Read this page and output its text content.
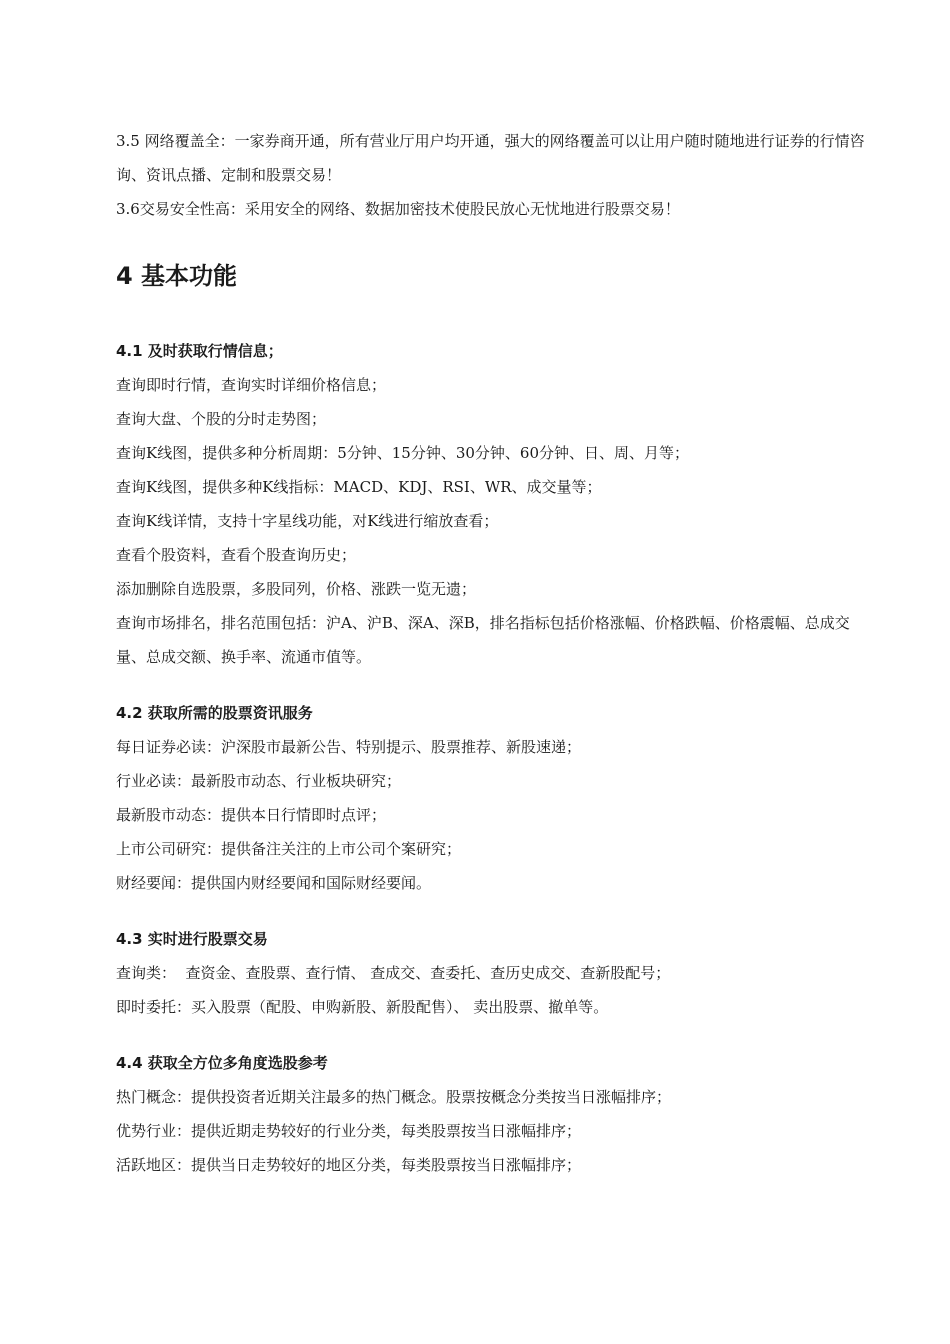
3.5 网络覆盖全：一家券商开通，所有营业厅用户均开通，强大的网络覆盖可以让用户随时随地进行证券的行情咨询、资讯点播、定制和股票交易！

3.6交易安全性高：采用安全的网络、数据加密技术使股民放心无忧地进行股票交易！

4 基本功能
4.1 及时获取行情信息；

查询即时行情，查询实时详细价格信息；

查询大盘、个股的分时走势图；

查询K线图，提供多种分析周期：5分钟、15分钟、30分钟、60分钟、日、周、月等；

查询K线图，提供多种K线指标：MACD、KDJ、RSI、WR、成交量等；

查询K线详情，支持十字星线功能，对K线进行缩放查看；

查看个股资料，查看个股查询历史；

添加删除自选股票，多股同列，价格、涨跌一览无遗；

查询市场排名，排名范围包括：沪A、沪B、深A、深B，排名指标包括价格涨幅、价格跌幅、价格震幅、总成交量、总成交额、换手率、流通市值等。

4.2 获取所需的股票资讯服务

每日证券必读：沪深股市最新公告、特别提示、股票推荐、新股速递；

行业必读：最新股市动态、行业板块研究；

最新股市动态：提供本日行情即时点评；

上市公司研究：提供备注关注的上市公司个案研究；

财经要闻：提供国内财经要闻和国际财经要闻。

4.3 实时进行股票交易

查询类：  查资金、查股票、查行情、 查成交、查委托、查历史成交、查新股配号；

即时委托：买入股票（配股、申购新股、新股配售）、 卖出股票、撤单等。

4.4 获取全方位多角度选股参考

热门概念：提供投资者近期关注最多的热门概念。股票按概念分类按当日涨幅排序；

优势行业：提供近期走势较好的行业分类，每类股票按当日涨幅排序；

活跃地区：提供当日走势较好的地区分类，每类股票按当日涨幅排序；
